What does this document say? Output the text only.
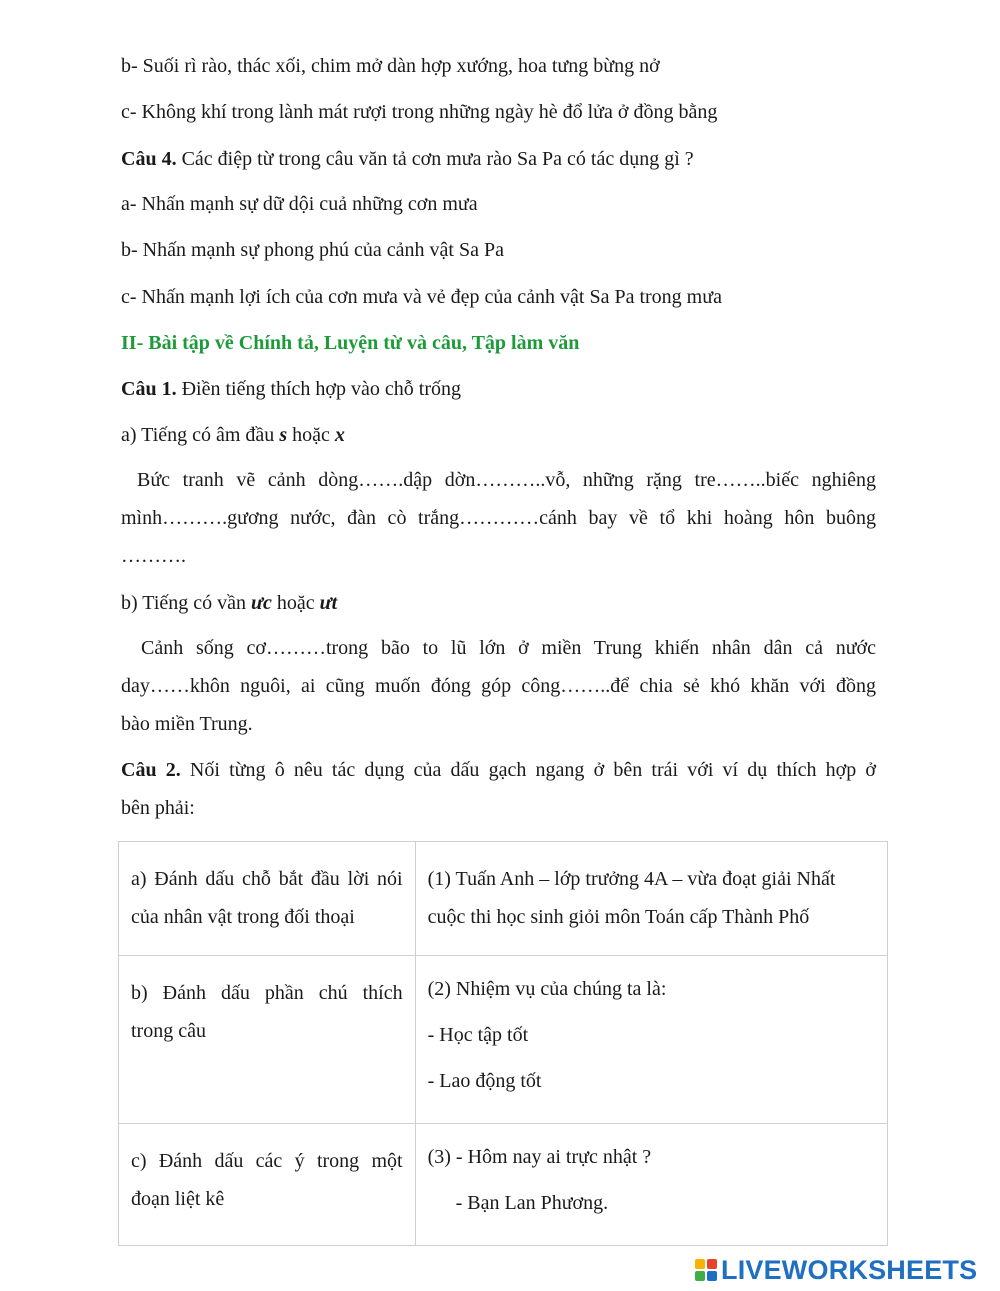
b- Suối rì rào, thác xối, chim mở dàn hợp xướng, hoa tưng bừng nở
c- Không khí trong lành mát rượi trong những ngày hè đổ lửa ở đồng bằng
Câu 4. Các điệp từ trong câu văn tả cơn mưa rào Sa Pa có tác dụng gì ?
a- Nhấn mạnh sự dữ dội cuả những cơn mưa
b- Nhấn mạnh sự phong phú của cảnh vật Sa Pa
c- Nhấn mạnh lợi ích của cơn mưa và vẻ đẹp của cảnh vật Sa Pa trong mưa
II- Bài tập về Chính tả, Luyện từ và câu, Tập làm văn
Câu 1. Điền tiếng thích hợp vào chỗ trống
a) Tiếng có âm đầu s hoặc x
Bức tranh vẽ cảnh dòng…….dập dờn………..vỗ, những rặng tre……..biếc nghiêng
mình……….gương nước, đàn cò trắng…………cánh bay về tổ khi hoàng hôn buông
……….
b) Tiếng có vần ưc hoặc ưt
Cảnh sống cơ………trong bão to lũ lớn ở miền Trung khiến nhân dân cả nước
day……khôn nguôi, ai cũng muốn đóng góp công……..để chia sẻ khó khăn với đồng
bào miền Trung.
Câu 2. Nối từng ô nêu tác dụng của dấu gạch ngang ở bên trái với ví dụ thích hợp ở
bên phải:
a) Đánh dấu chỗ bắt đầu lời nói
của nhân vật trong đối thoại	(1) Tuấn Anh – lớp trưởng 4A – vừa đoạt giải Nhất
cuộc thi học sinh giỏi môn Toán cấp Thành Phố

b) Đánh dấu phần chú thích
trong câu	(2) Nhiệm vụ của chúng ta là:
- Học tập tốt
- Lao động tốt

c) Đánh dấu các ý trong một
đoạn liệt kê	(3) - Hôm nay ai trực nhật ?
- Bạn Lan Phương.
LIVEWORKSHEETS
